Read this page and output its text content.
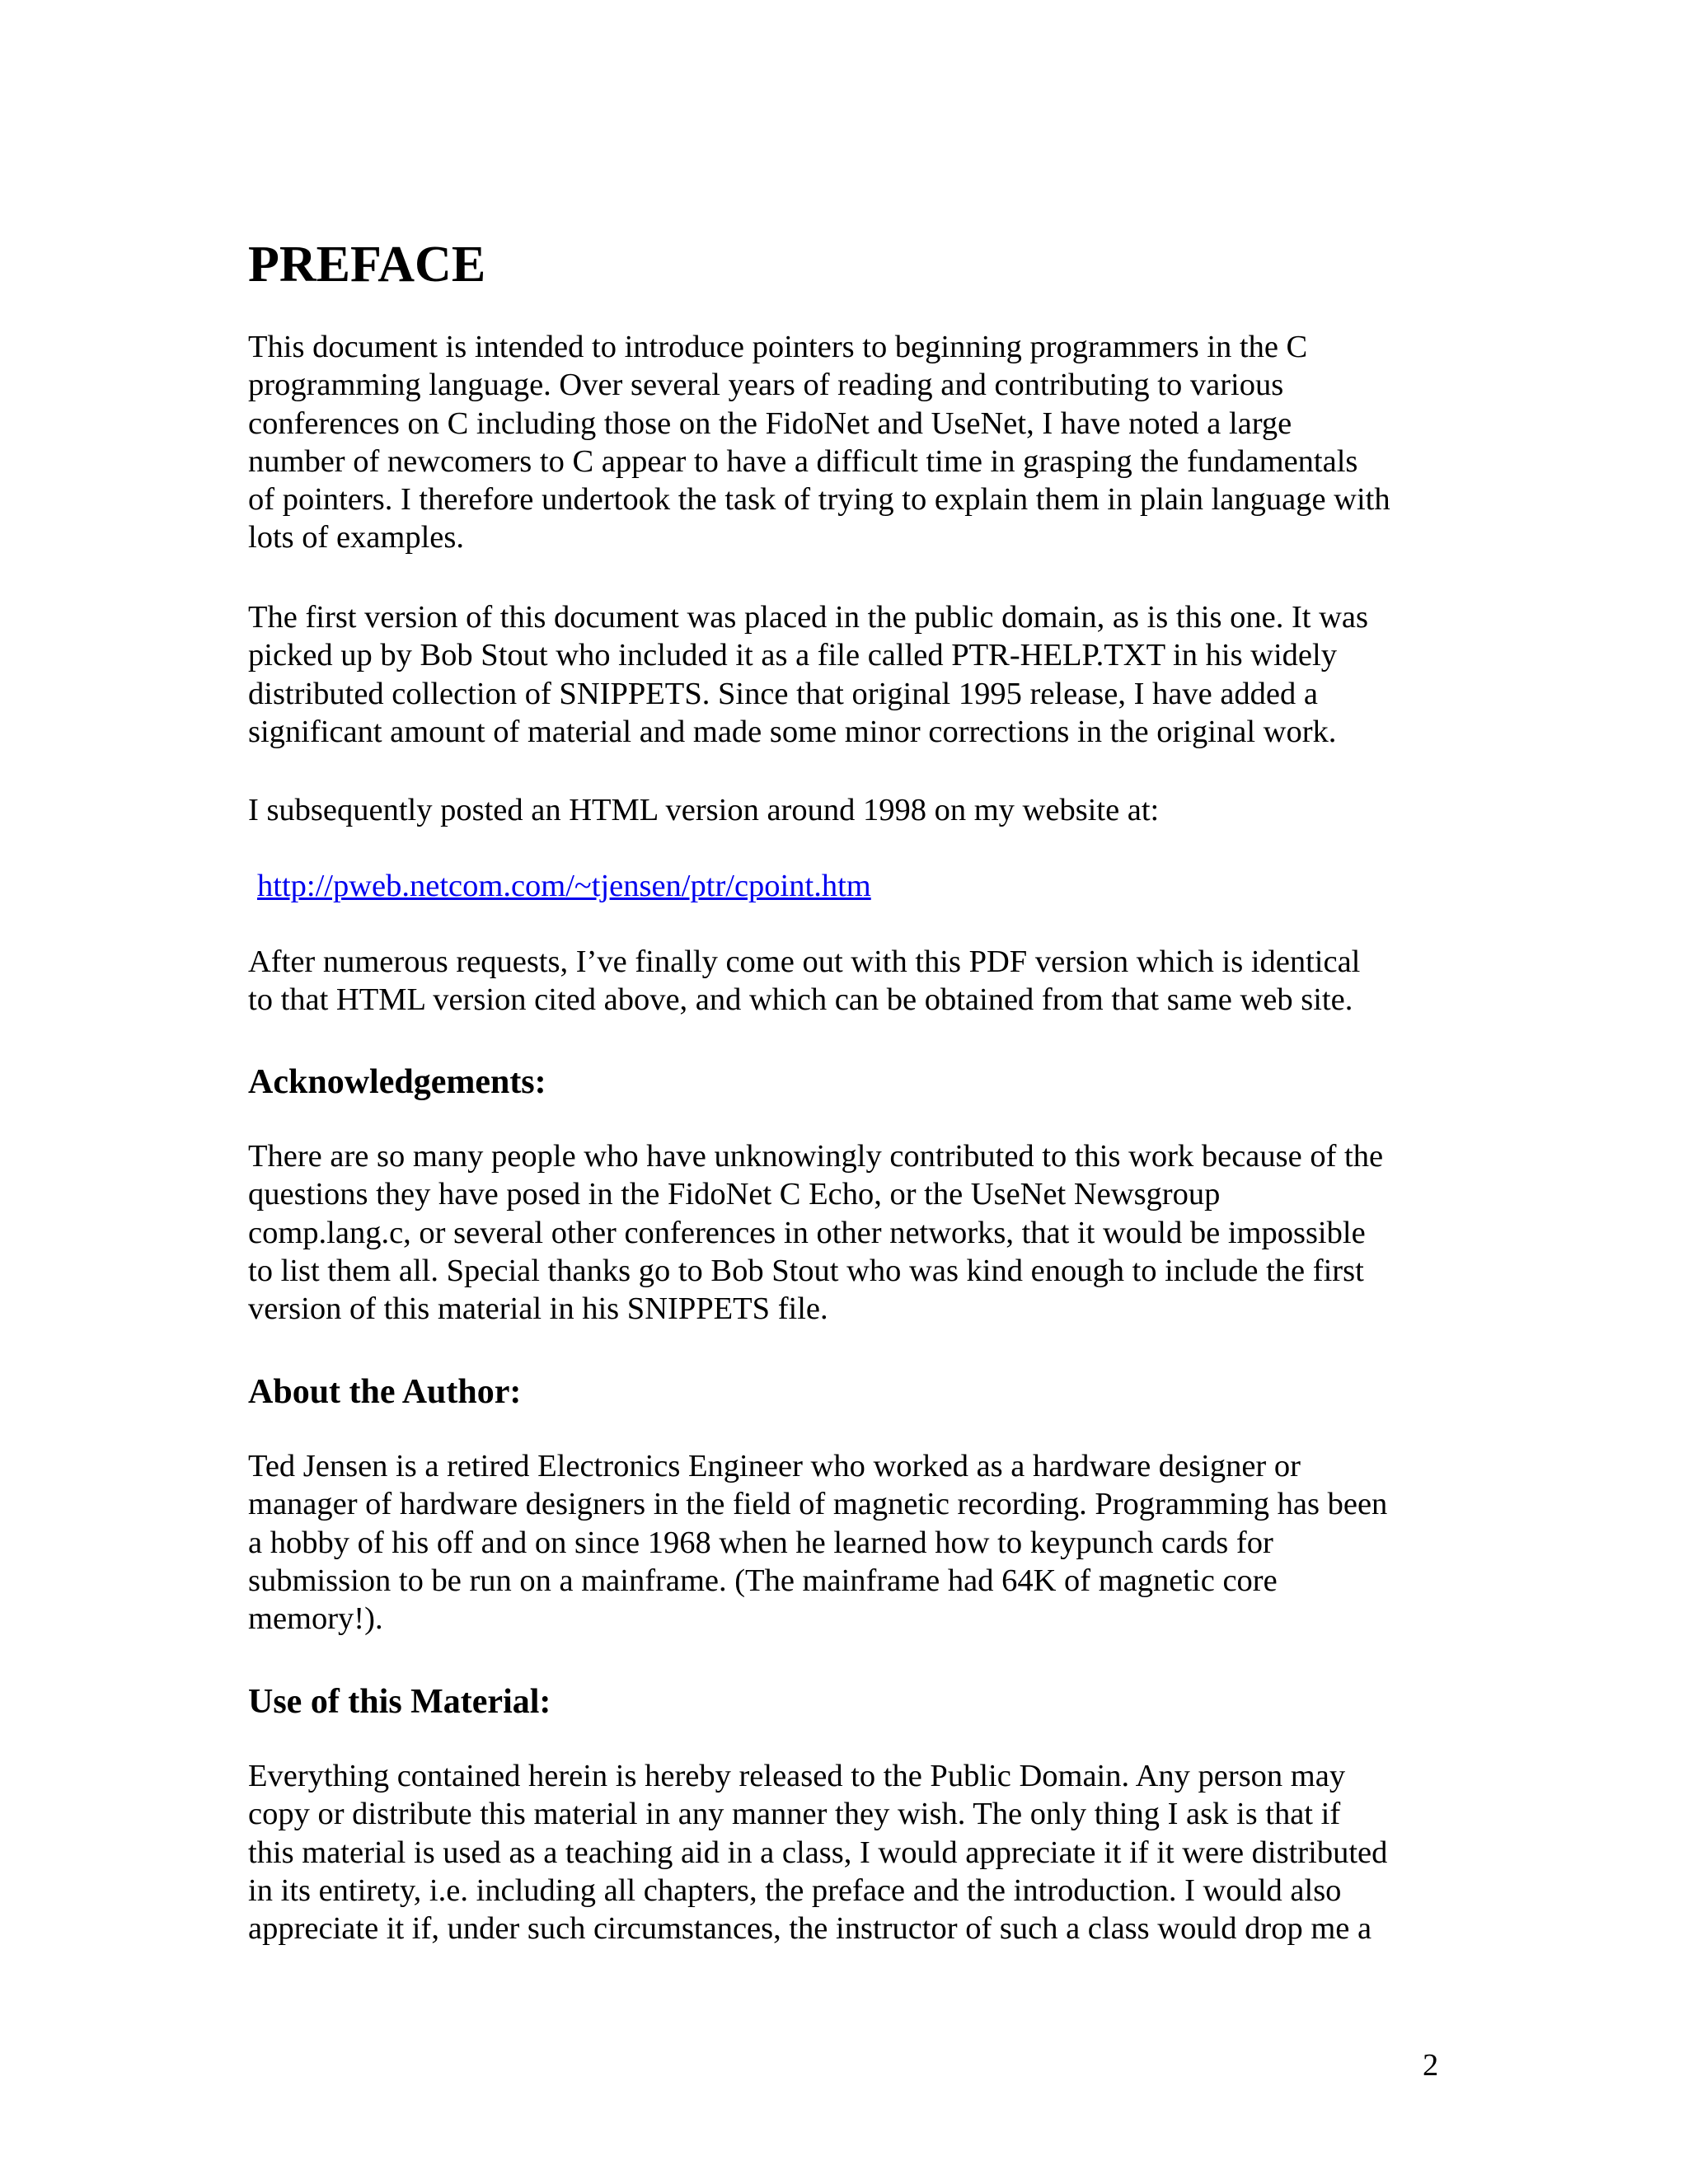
PREFACE

This document is intended to introduce pointers to beginning programmers in the C
programming language. Over several years of reading and contributing to various
conferences on C including those on the FidoNet and UseNet, I have noted a large
number of newcomers to C appear to have a difficult time in grasping the fundamentals
of pointers. I therefore undertook the task of trying to explain them in plain language with
lots of examples.

The first version of this document was placed in the public domain, as is this one. It was
picked up by Bob Stout who included it as a file called PTR-HELP.TXT in his widely
distributed collection of SNIPPETS. Since that original 1995 release, I have added a
significant amount of material and made some minor corrections in the original work.

I subsequently posted an HTML version around 1998 on my website at:

http://pweb.netcom.com/~tjensen/ptr/cpoint.htm

After numerous requests, I’ve finally come out with this PDF version which is identical
to that HTML version cited above, and which can be obtained from that same web site.

Acknowledgements:

There are so many people who have unknowingly contributed to this work because of the
questions they have posed in the FidoNet C Echo, or the UseNet Newsgroup
comp.lang.c, or several other conferences in other networks, that it would be impossible
to list them all. Special thanks go to Bob Stout who was kind enough to include the first
version of this material in his SNIPPETS file.

About the Author:

Ted Jensen is a retired Electronics Engineer who worked as a hardware designer or
manager of hardware designers in the field of magnetic recording. Programming has been
a hobby of his off and on since 1968 when he learned how to keypunch cards for
submission to be run on a mainframe. (The mainframe had 64K of magnetic core
memory!).

Use of this Material:

Everything contained herein is hereby released to the Public Domain. Any person may
copy or distribute this material in any manner they wish. The only thing I ask is that if
this material is used as a teaching aid in a class, I would appreciate it if it were distributed
in its entirety, i.e. including all chapters, the preface and the introduction. I would also
appreciate it if, under such circumstances, the instructor of such a class would drop me a

2
